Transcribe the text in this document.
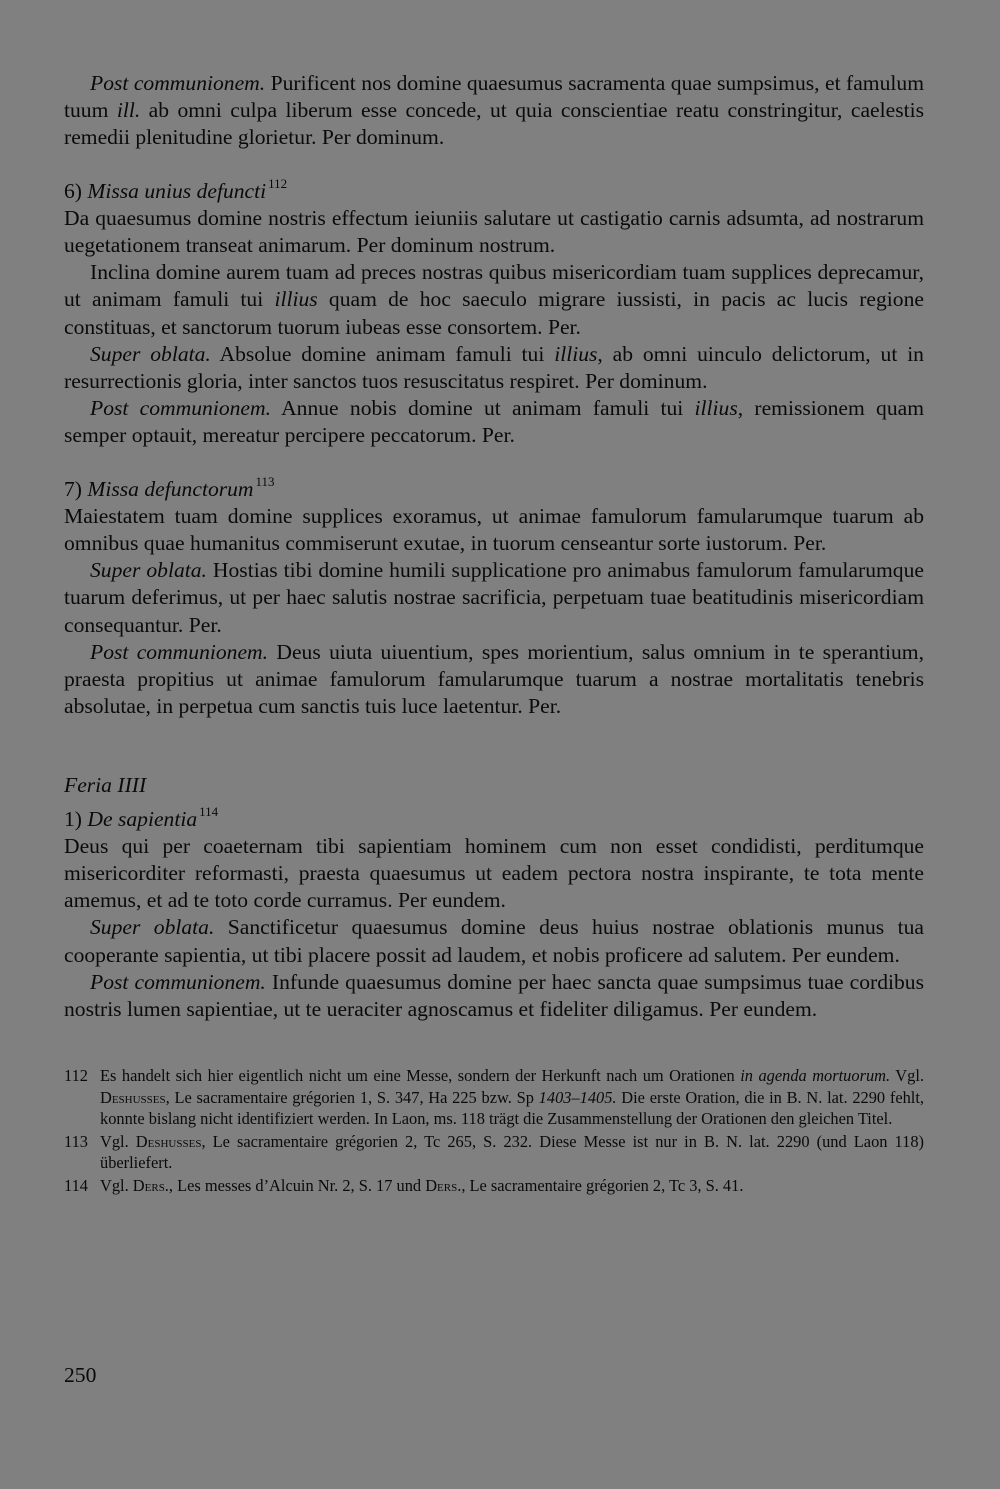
Post communionem. Purificent nos domine quaesumus sacramenta quae sumpsimus, et famulum tuum ill. ab omni culpa liberum esse concede, ut quia conscientiae reatu constringitur, caelestis remedii plenitudine glorietur. Per dominum.

6) Missa unius defuncti $^{112}$

Da quaesumus domine nostris effectum ieiuniis salutare ut castigatio carnis adsumta, ad nostrarum uegetationem transeat animarum. Per dominum nostrum.

Inclina domine aurem tuam ad preces nostras quibus misericordiam tuam supplices deprecamur, ut animam famuli tui illius quam de hoc saeculo migrare iussisti, in pacis ac lucis regione constituas, et sanctorum tuorum iubeas esse consortem. Per.

Super oblata. Absolue domine animam famuli tui illius, ab omni uinculo delictorum, ut in resurrectionis gloria, inter sanctos tuos resuscitatus respiret. Per dominum.

Post communionem. Annue nobis domine ut animam famuli tui illius, remissionem quam semper optauit, mereatur percipere peccatorum. Per.

7) Missa defunctorum $^{113}$

Maiestatem tuam domine supplices exoramus, ut animae famulorum famularumque tuarum ab omnibus quae humanitus commiserunt exutae, in tuorum censeantur sorte iustorum. Per.

Super oblata. Hostias tibi domine humili supplicatione pro animabus famulorum famularumque tuarum deferimus, ut per haec salutis nostrae sacrificia, perpetuam tuae beatitudinis misericordiam consequantur. Per.

Post communionem. Deus uiuta uiuentium, spes morientium, salus omnium in te sperantium, praesta propitius ut animae famulorum famularumque tuarum a nostrae mortalitatis tenebris absolutae, in perpetua cum sanctis tuis luce laetentur. Per.

Feria IIII

1) De sapientia $^{114}$

Deus qui per coaeternam tibi sapientiam hominem cum non esset condidisti, perditumque misericorditer reformasti, praesta quaesumus ut eadem pectora nostra inspirante, te tota mente amemus, et ad te toto corde curramus. Per eundem.

Super oblata. Sanctificetur quaesumus domine deus huius nostrae oblationis munus tua cooperante sapientia, ut tibi placere possit ad laudem, et nobis proficere ad salutem. Per eundem.

Post communionem. Infunde quaesumus domine per haec sancta quae sumpsimus tuae cordibus nostris lumen sapientiae, ut te ueraciter agnoscamus et fideliter diligamus. Per eundem.

112 Es handelt sich hier eigentlich nicht um eine Messe, sondern der Herkunft nach um Orationen in agenda mortuorum. Vgl. Deshusses, Le sacramentaire grégorien 1, S. 347, Ha 225 bzw. Sp 1403–1405. Die erste Oration, die in B. N. lat. 2290 fehlt, konnte bislang nicht identifiziert werden. In Laon, ms. 118 trägt die Zusammenstellung der Orationen den gleichen Titel.
113 Vgl. Deshusses, Le sacramentaire grégorien 2, Tc 265, S. 232. Diese Messe ist nur in B. N. lat. 2290 (und Laon 118) überliefert.
114 Vgl. Ders., Les messes d’Alcuin Nr. 2, S. 17 und Ders., Le sacramentaire grégorien 2, Tc 3, S. 41.
250
